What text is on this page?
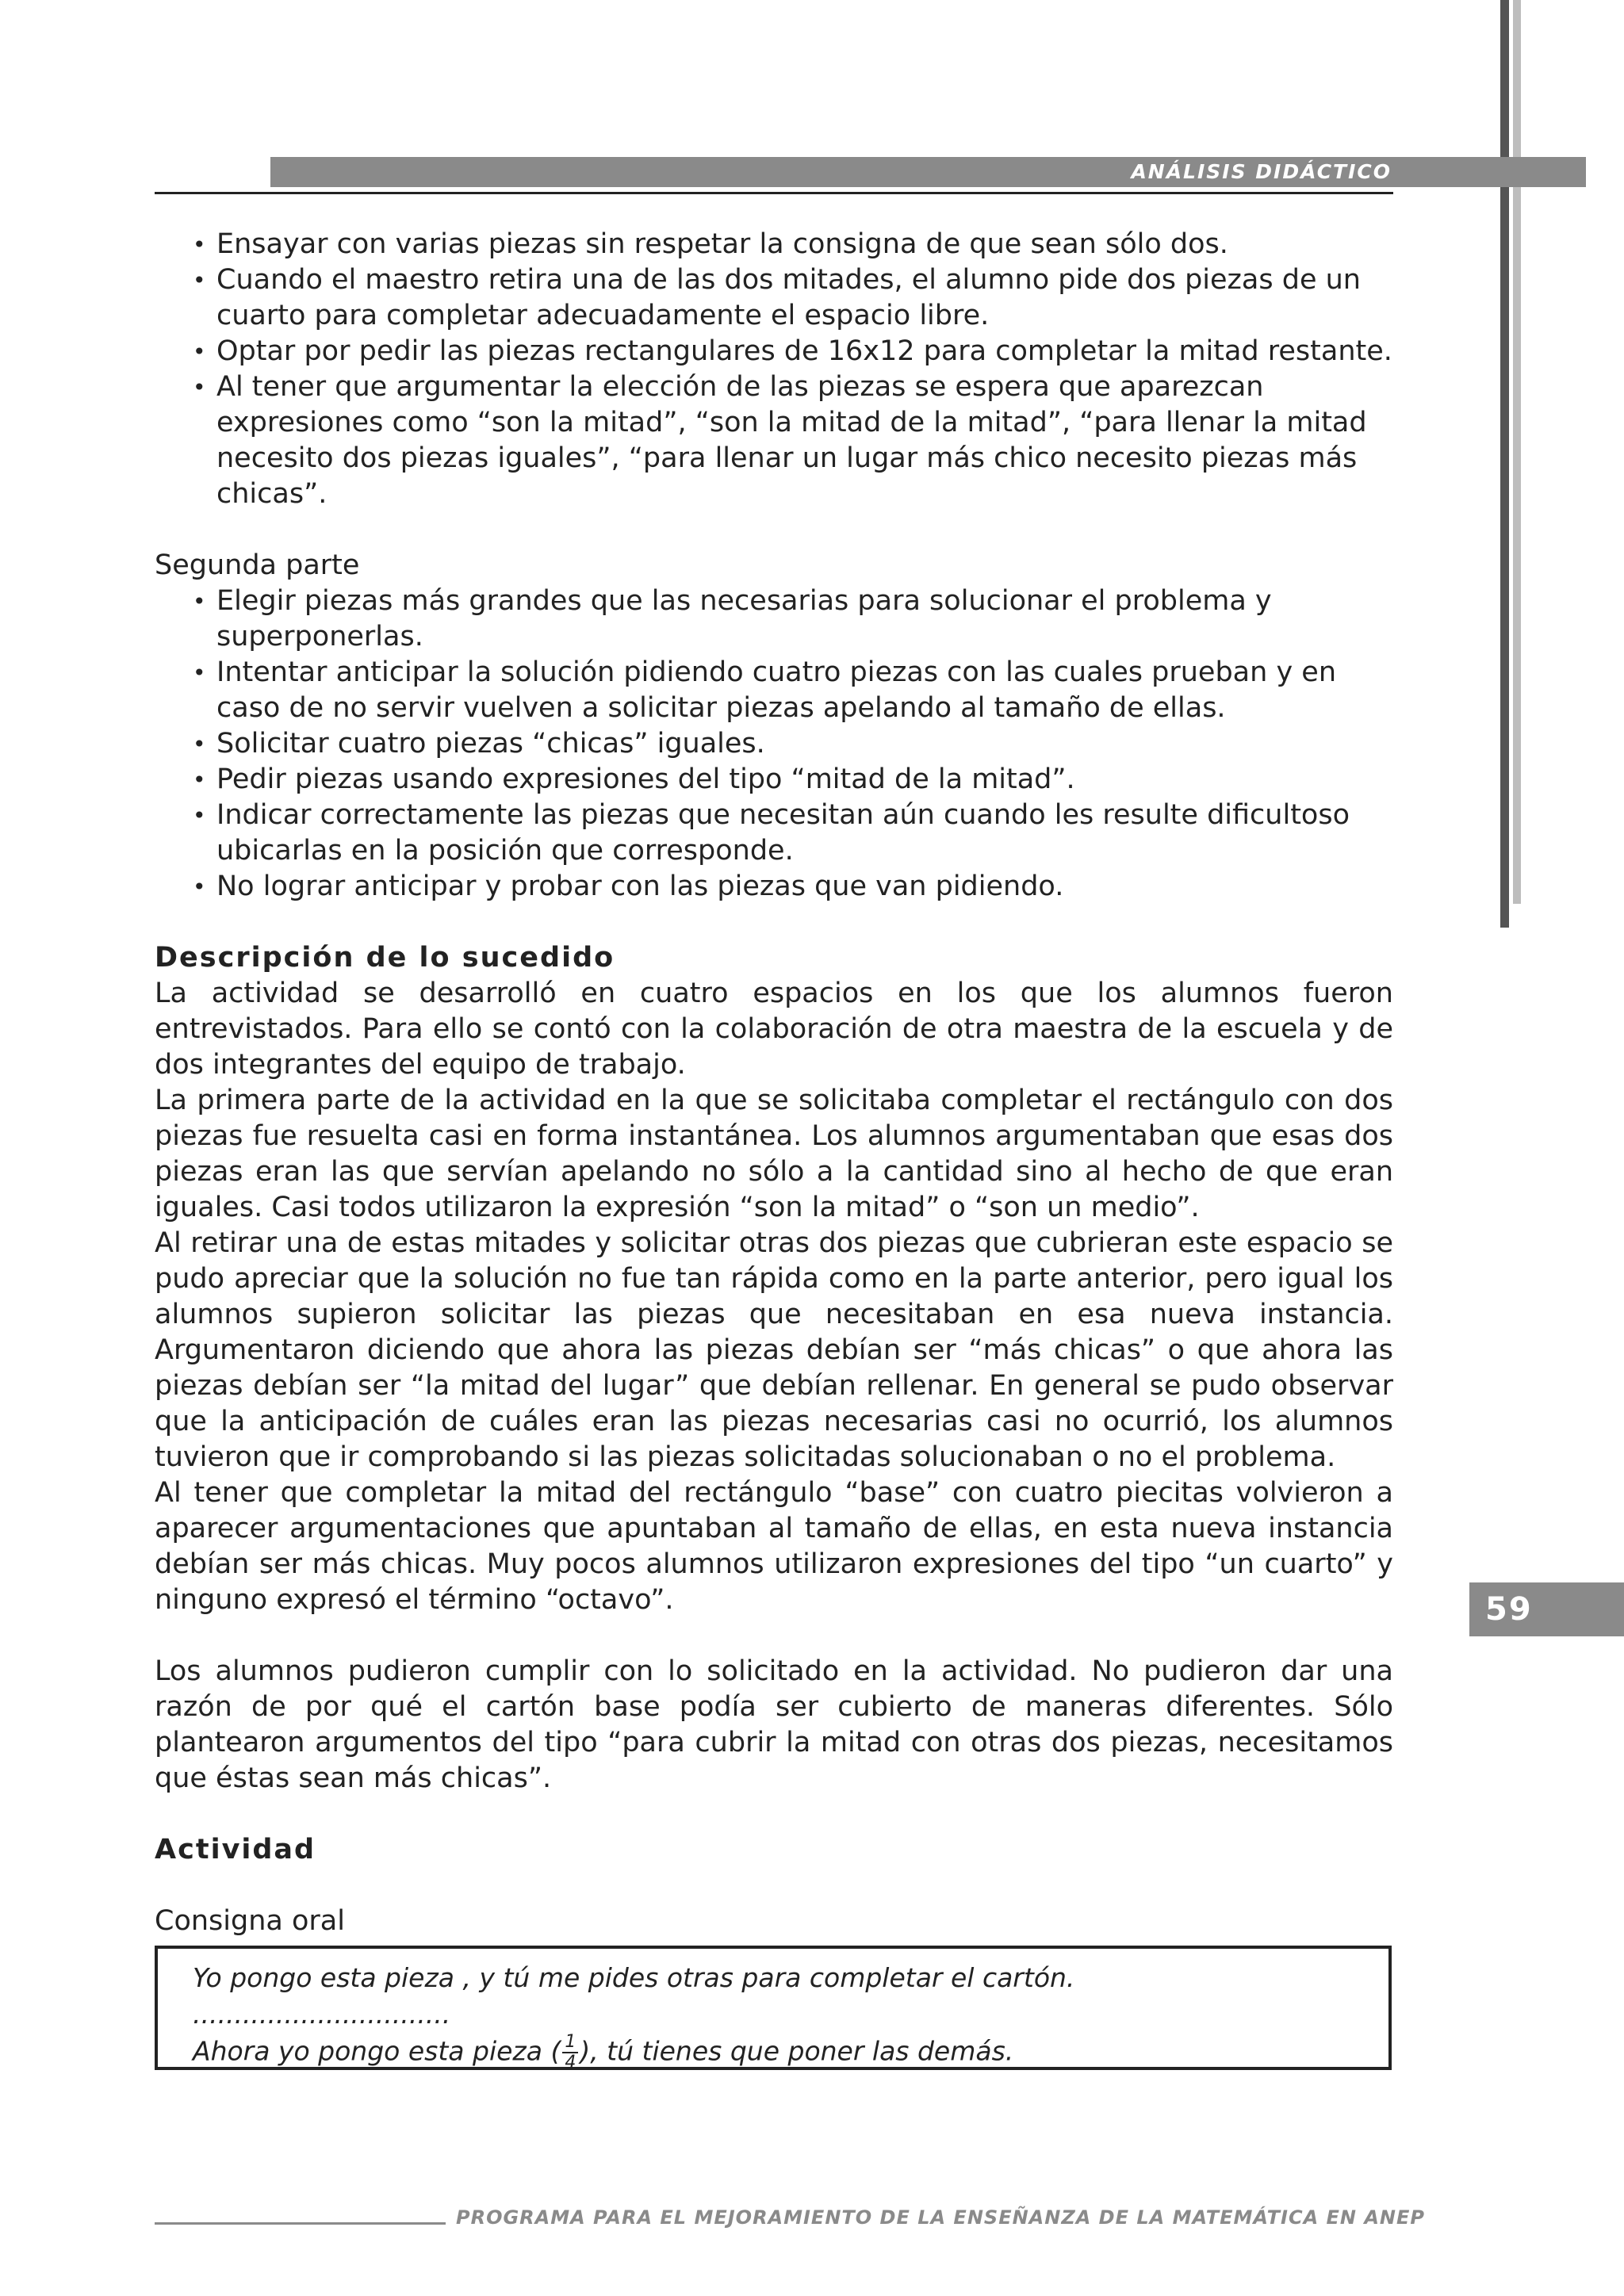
ANÁLISIS DIDÁCTICO
• Ensayar con varias piezas sin respetar la consigna de que sean sólo dos.
• Cuando el maestro retira una de las dos mitades, el alumno pide dos piezas de un cuarto para completar adecuadamente el espacio libre.
• Optar por pedir las piezas rectangulares de 16x12 para completar la mitad restante.
• Al tener que argumentar la elección de las piezas se espera que aparezcan expresiones como “son la mitad”, “son la mitad de la mitad”, “para llenar la mitad necesito dos piezas iguales”, “para llenar un lugar más chico necesito piezas más chicas”.

Segunda parte

• Elegir piezas más grandes que las necesarias para solucionar el problema y superponerlas.
• Intentar anticipar la solución pidiendo cuatro piezas con las cuales prueban y en caso de no servir vuelven a solicitar piezas apelando al tamaño de ellas.
• Solicitar cuatro piezas “chicas” iguales.
• Pedir piezas usando expresiones del tipo “mitad de la mitad”.
• Indicar correctamente las piezas que necesitan aún cuando les resulte dificultoso ubicarlas en la posición que corresponde.
• No lograr anticipar y probar con las piezas que van pidiendo.

Descripción de lo sucedido

La actividad se desarrolló en cuatro espacios en los que los alumnos fueron entrevistados. Para ello se contó con la colaboración de otra maestra de la escuela y de dos integrantes del equipo de trabajo.

La primera parte de la actividad en la que se solicitaba completar el rectángulo con dos piezas fue resuelta casi en forma instantánea. Los alumnos argumentaban que esas dos piezas eran las que servían apelando no sólo a la cantidad sino al hecho de que eran iguales. Casi todos utilizaron la expresión “son la mitad” o “son un medio”.

Al retirar una de estas mitades y solicitar otras dos piezas que cubrieran este espacio se pudo apreciar que la solución no fue tan rápida como en la parte anterior, pero igual los alumnos supieron solicitar las piezas que necesitaban en esa nueva instancia. Argumentaron diciendo que ahora las piezas debían ser “más chicas” o que ahora las piezas debían ser “la mitad del lugar” que debían rellenar. En general se pudo observar que la anticipación de cuáles eran las piezas necesarias casi no ocurrió, los alumnos tuvieron que ir comprobando si las piezas solicitadas solucionaban o no el problema.

Al tener que completar la mitad del rectángulo “base” con cuatro piecitas volvieron a aparecer argumentaciones que apuntaban al tamaño de ellas, en esta nueva instancia debían ser más chicas. Muy pocos alumnos utilizaron expresiones del tipo “un cuarto” y ninguno expresó el término “octavo”.

Los alumnos pudieron cumplir con lo solicitado en la actividad. No pudieron dar una razón de por qué el cartón base podía ser cubierto de maneras diferentes. Sólo plantearon argumentos del tipo “para cubrir la mitad con otras dos piezas, necesitamos que éstas sean más chicas”.

Actividad

Consigna oral

Yo pongo esta pieza , y tú me pides otras para completar el cartón.

...............................

Ahora yo pongo esta pieza ( $\frac{1}{4}$ ), tú tienes que poner las demás.

59
PROGRAMA PARA EL MEJORAMIENTO DE LA ENSEÑANZA DE LA MATEMÁTICA EN ANEP
